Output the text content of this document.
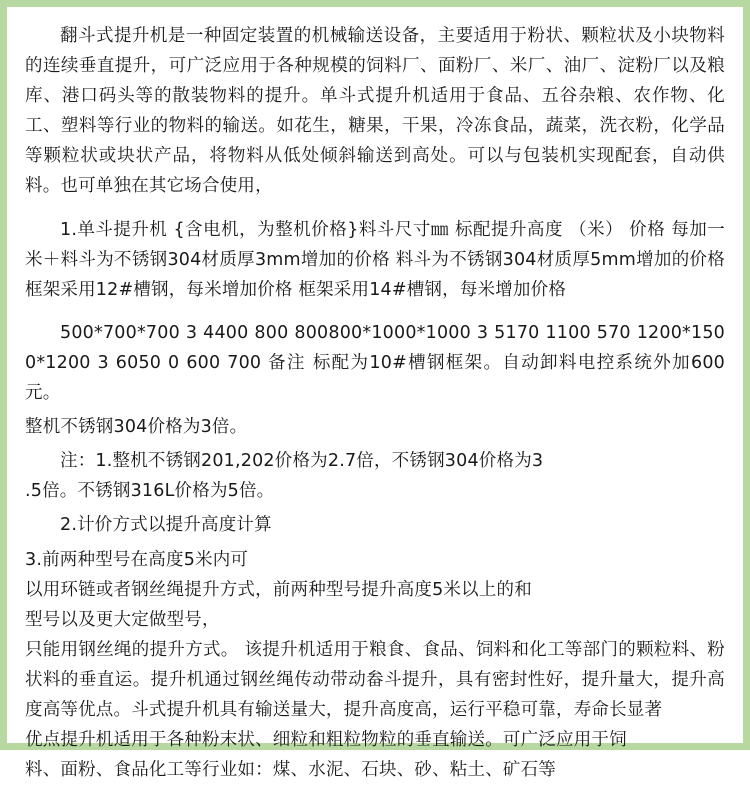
翻斗式提升机是一种固定装置的机械输送设备，主要适用于粉状、颗粒状及小块物料的连续垂直提升，可广泛应用于各种规模的饲料厂、面粉厂、米厂、油厂、淀粉厂以及粮库、港口码头等的散装物料的提升。单斗式提升机适用于食品、五谷杂粮、农作物、化工、塑料等行业的物料的输送。如花生，糖果，干果，冷冻食品，蔬菜，洗衣粉，化学品等颗粒状或块状产品，将物料从低处倾斜输送到高处。可以与包装机实现配套，自动供料。也可单独在其它场合使用，

1.单斗提升机 {含电机，为整机价格}料斗尺寸㎜ 标配提升高度 （米） 价格 每加一米＋料斗为不锈钢304材质厚3mm增加的价格 料斗为不锈钢304材质厚5mm增加的价格 框架采用12#槽钢，每米增加价格 框架采用14#槽钢，每米增加价格

500*700*700 3 4400 800 800800*1000*1000 3 5170 1100 570 1200*1500*1200 3 6050 0 600 700 备注 标配为10#槽钢框架。自动卸料电控系统外加600元。

整机不锈钢304价格为3倍。

注：1.整机不锈钢201,202价格为2.7倍，不锈钢304价格为3

.5倍。不锈钢316L价格为5倍。

2.计价方式以提升高度计算

3.前两种型号在高度5米内可

以用环链或者钢丝绳提升方式，前两种型号提升高度5米以上的和

型号以及更大定做型号，

只能用钢丝绳的提升方式。 该提升机适用于粮食、食品、饲料和化工等部门的颗粒料、粉状料的垂直运。提升机通过钢丝绳传动带动畚斗提升，具有密封性好，提升量大，提升高度高等优点。斗式提升机具有输送量大，提升高度高，运行平稳可靠，寿命长显著

优点提升机适用于各种粉末状、细粒和粗粒物粒的垂直输送。可广泛应用于饲

料、面粉、食品化工等行业如：煤、水泥、石块、砂、粘土、矿石等
